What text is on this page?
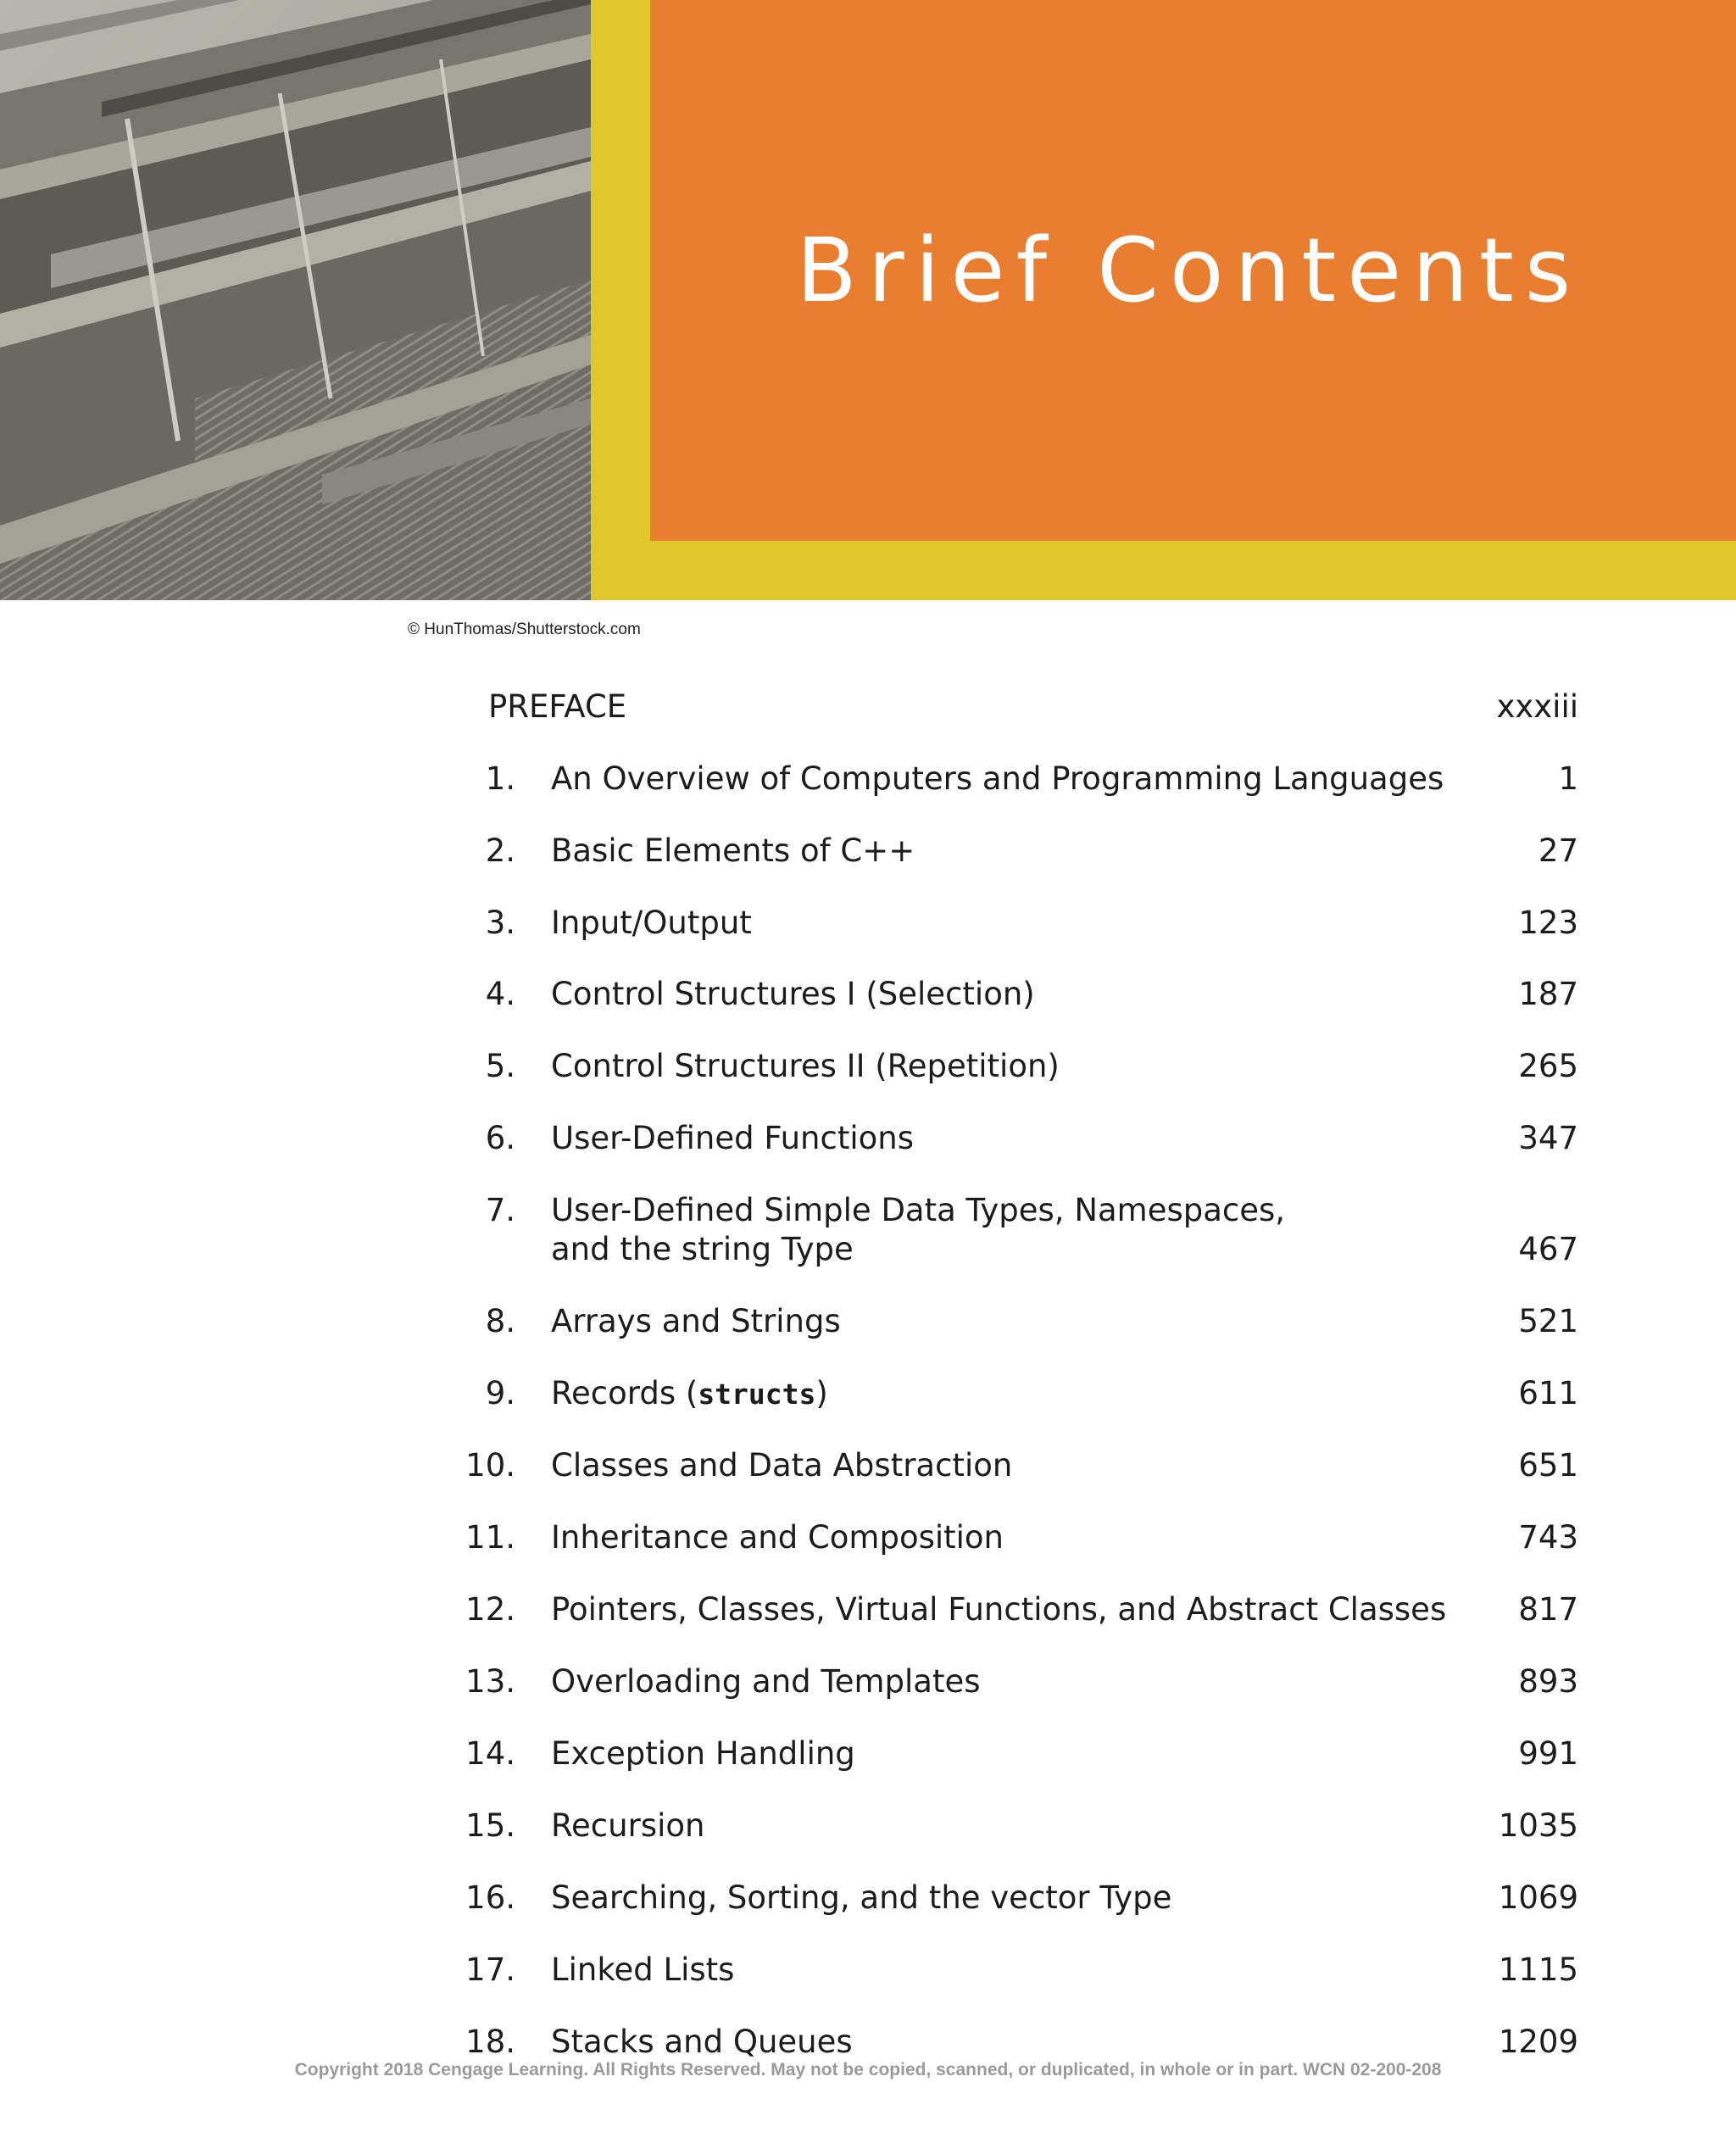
Brief Contents
© HunThomas/Shutterstock.com
PREFACE	xxxiii
1. An Overview of Computers and Programming Languages	1
2. Basic Elements of C++	27
3. Input/Output	123
4. Control Structures I (Selection)	187
5. Control Structures II (Repetition)	265
6. User-Defined Functions	347
7. User-Defined Simple Data Types, Namespaces,
and the string Type	467
8. Arrays and Strings	521
9. Records (structs)	611
10. Classes and Data Abstraction	651
11. Inheritance and Composition	743
12. Pointers, Classes, Virtual Functions, and Abstract Classes 817
13. Overloading and Templates	893
14. Exception Handling	991
15. Recursion	1035
16. Searching, Sorting, and the vector Type	1069
17. Linked Lists	1115
18. Stacks and Queues	1209
Copyright 2018 Cengage Learning. All Rights Reserved. May not be copied, scanned, or duplicated, in whole or in part. WCN 02-200-208
